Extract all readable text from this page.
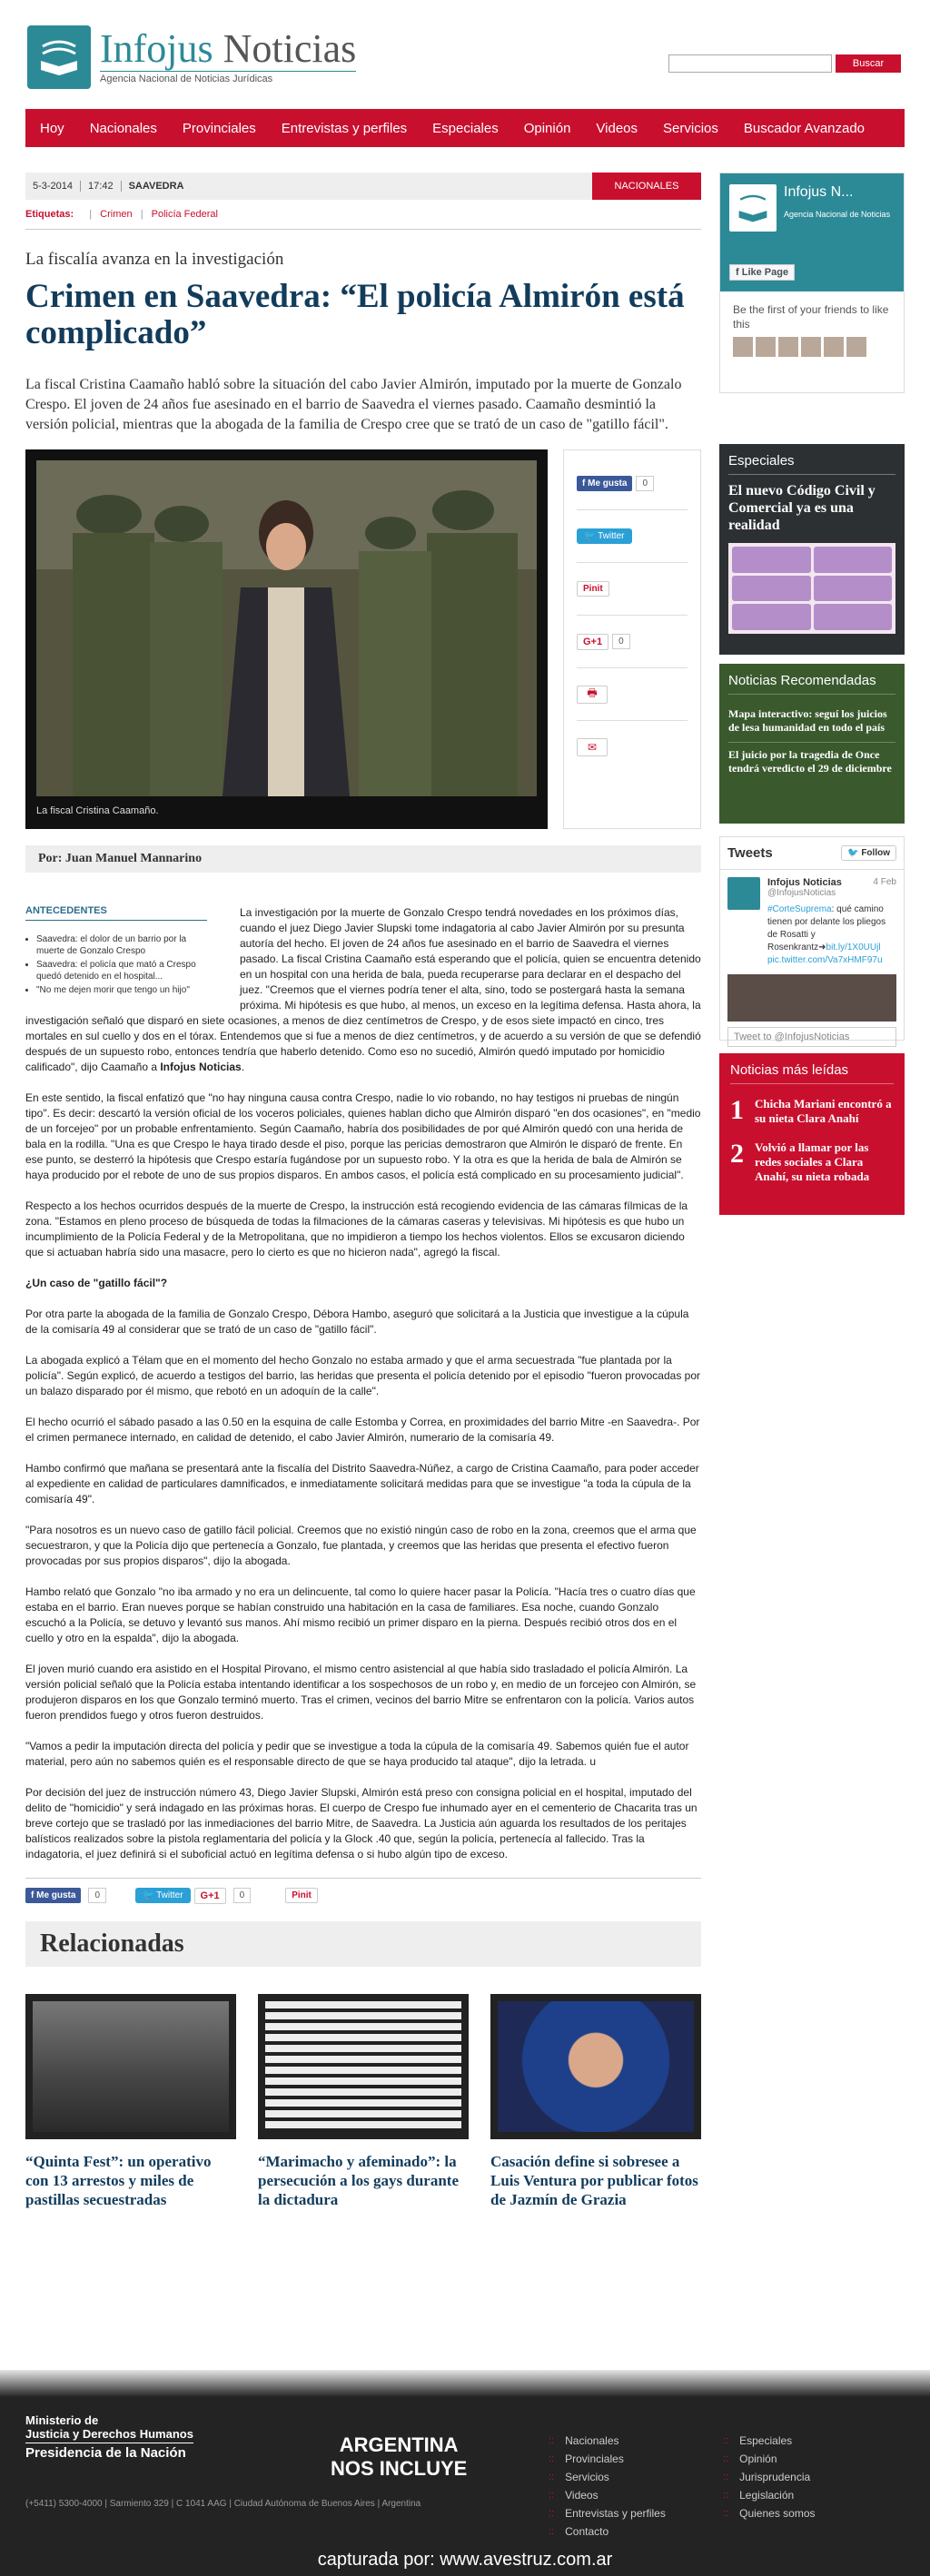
Infojus Noticias
Agencia Nacional de Noticias Jurídicas
Buscar
Hoy Nacionales Provinciales Entrevistas y perfiles Especiales Opinión Videos Servicios Buscador Avanzado
5-3-2014	17:42	SAAVEDRA	NACIONALES
Etiquetas: | Crimen | Policía Federal
La fiscalía avanza en la investigación
Crimen en Saavedra: “El policía Almirón está complicado”
La fiscal Cristina Caamaño habló sobre la situación del cabo Javier Almirón, imputado por la muerte de Gonzalo Crespo. El joven de 24 años fue asesinado en el barrio de Saavedra el viernes pasado. Caamaño desmintió la versión policial, mientras que la abogada de la familia de Crespo cree que se trató de un caso de "gatillo fácil".
La fiscal Cristina Caamaño.
f Me gusta	0
🐦 Twitter
Pinit
G+1	0
🖶
✉
Por: Juan Manuel Mannarino
ANTECEDENTES
• Saavedra: el dolor de un barrio por la muerte de Gonzalo Crespo
• Saavedra: el policía que mató a Crespo quedó detenido en el hospital...
• "No me dejen morir que tengo un hijo"

La investigación por la muerte de Gonzalo Crespo tendrá novedades en los próximos días, cuando el juez Diego Javier Slupski tome indagatoria al cabo Javier Almirón por su presunta autoría del hecho. El joven de 24 años fue asesinado en el barrio de Saavedra el viernes pasado. La fiscal Cristina Caamaño está esperando que el policía, quien se encuentra detenido en un hospital con una herida de bala, pueda recuperarse para declarar en el despacho del juez. "Creemos que el viernes podría tener el alta, sino, todo se postergará hasta la semana próxima. Mi hipótesis es que hubo, al menos, un exceso en la legítima defensa. Hasta ahora, la investigación señaló que disparó en siete ocasiones, a menos de diez centímetros de Crespo, y de esos siete impactó en cinco, tres mortales en sul cuello y dos en el tórax. Entendemos que si fue a menos de diez centímetros, y de acuerdo a su versión de que se defendió después de un supuesto robo, entonces tendría que haberlo detenido. Como eso no sucedió, Almirón quedó imputado por homicidio calificado", dijo Caamaño a Infojus Noticias.

En este sentido, la fiscal enfatizó que "no hay ninguna causa contra Crespo, nadie lo vio robando, no hay testigos ni pruebas de ningún tipo". Es decir: descartó la versión oficial de los voceros policiales, quienes hablan dicho que Almirón disparó "en dos ocasiones", en "medio de un forcejeo" por un probable enfrentamiento. Según Caamaño, habría dos posibilidades de por qué Almirón quedó con una herida de bala en la rodilla. "Una es que Crespo le haya tirado desde el piso, porque las pericias demostraron que Almirón le disparó de frente. En ese punto, se desterró la hipótesis que Crespo estaría fugándose por un supuesto robo. Y la otra es que la herida de bala de Almirón se haya producido por el rebote de uno de sus propios disparos. En ambos casos, el policía está complicado en su procesamiento judicial".

Respecto a los hechos ocurridos después de la muerte de Crespo, la instrucción está recogiendo evidencia de las cámaras fílmicas de la zona. "Estamos en pleno proceso de búsqueda de todas la filmaciones de la cámaras caseras y televisivas. Mi hipótesis es que hubo un incumplimiento de la Policía Federal y de la Metropolitana, que no impidieron a tiempo los hechos violentos. Ellos se excusaron diciendo que si actuaban habría sido una masacre, pero lo cierto es que no hicieron nada", agregó la fiscal.

¿Un caso de "gatillo fácil"?

Por otra parte la abogada de la familia de Gonzalo Crespo, Débora Hambo, aseguró que solicitará a la Justicia que investigue a la cúpula de la comisaría 49 al considerar que se trató de un caso de "gatillo fácil".

La abogada explicó a Télam que en el momento del hecho Gonzalo no estaba armado y que el arma secuestrada "fue plantada por la policía". Según explicó, de acuerdo a testigos del barrio, las heridas que presenta el policía detenido por el episodio "fueron provocadas por un balazo disparado por él mismo, que rebotó en un adoquín de la calle".

El hecho ocurrió el sábado pasado a las 0.50 en la esquina de calle Estomba y Correa, en proximidades del barrio Mitre -en Saavedra-. Por el crimen permanece internado, en calidad de detenido, el cabo Javier Almirón, numerario de la comisaría 49.

Hambo confirmó que mañana se presentará ante la fiscalía del Distrito Saavedra-Núñez, a cargo de Cristina Caamaño, para poder acceder al expediente en calidad de particulares damnificados, e inmediatamente solicitará medidas para que se investigue "a toda la cúpula de la comisaría 49".

"Para nosotros es un nuevo caso de gatillo fácil policial. Creemos que no existió ningún caso de robo en la zona, creemos que el arma que secuestraron, y que la Policía dijo que pertenecía a Gonzalo, fue plantada, y creemos que las heridas que presenta el efectivo fueron provocadas por sus propios disparos", dijo la abogada.

Hambo relató que Gonzalo "no iba armado y no era un delincuente, tal como lo quiere hacer pasar la Policía. "Hacía tres o cuatro días que estaba en el barrio. Eran nueves porque se habían construido una habitación en la casa de familiares. Esa noche, cuando Gonzalo escuchó a la Policía, se detuvo y levantó sus manos. Ahí mismo recibió un primer disparo en la pierna. Después recibió otros dos en el cuello y otro en la espalda", dijo la abogada.

El joven murió cuando era asistido en el Hospital Pirovano, el mismo centro asistencial al que había sido trasladado el policía Almirón. La versión policial señaló que la Policía estaba intentando identificar a los sospechosos de un robo y, en medio de un forcejeo con Almirón, se produjeron disparos en los que Gonzalo terminó muerto. Tras el crimen, vecinos del barrio Mitre se enfrentaron con la policía. Varios autos fueron prendidos fuego y otros fueron destruidos.

"Vamos a pedir la imputación directa del policía y pedir que se investigue a toda la cúpula de la comisaría 49. Sabemos quién fue el autor material, pero aún no sabemos quién es el responsable directo de que se haya producido tal ataque", dijo la letrada. u

Por decisión del juez de instrucción número 43, Diego Javier Slupski, Almirón está preso con consigna policial en el hospital, imputado del delito de "homicidio" y será indagado en las próximas horas. El cuerpo de Crespo fue inhumado ayer en el cementerio de Chacarita tras un breve cortejo que se trasladó por las inmediaciones del barrio Mitre, de Saavedra. La Justicia aún aguarda los resultados de los peritajes balísticos realizados sobre la pistola reglamentaria del policía y la Glock .40 que, según la policía, pertenecía al fallecido. Tras la indagatoria, el juez definirá si el suboficial actuó en legítima defensa o si hubo algún tipo de exceso.

f Me gusta	0	🐦 Twitter	G+1	0	Pinit
Relacionadas
“Quinta Fest”: un operativo con 13 arrestos y miles de pastillas secuestradas
“Marimacho y afeminado”: la persecución a los gays durante la dictadura
Casación define si sobresee a Luis Ventura por publicar fotos de Jazmín de Grazia
Infojus N...
Agencia Nacional de Noticias
f Like Page
Be the first of your friends to like this
Especiales
El nuevo Código Civil y Comercial ya es una realidad
Noticias Recomendadas
Mapa interactivo: seguí los juicios de lesa humanidad en todo el país
El juicio por la tragedia de Once tendrá veredicto el 29 de diciembre
Tweets	🐦 Follow
Infojus Noticias
@InfojusNoticias
4 Feb
#CorteSuprema: qué camino tienen por delante los pliegos de Rosatti y Rosenkrantz➜bit.ly/1X0UUjl pic.twitter.com/Va7xHMF97u
Tweet to @InfojusNoticias
Noticias más leídas
1 Chicha Mariani encontró a su nieta Clara Anahí
2 Volvió a llamar por las redes sociales a Clara Anahí, su nieta robada
Ministerio de
Justicia y Derechos Humanos
Presidencia de la Nación	ARGENTINA
NOS INCLUYE
(+5411) 5300-4000 | Sarmiento 329 | C 1041 AAG | Ciudad Autónoma de Buenos Aires | Argentina
:: Nacionales
:: Provinciales
:: Servicios
:: Videos
:: Entrevistas y perfiles
:: Contacto
:: Especiales
:: Opinión
:: Jurisprudencia
:: Legislación
:: Quienes somos
capturada por: www.avestruz.com.ar
